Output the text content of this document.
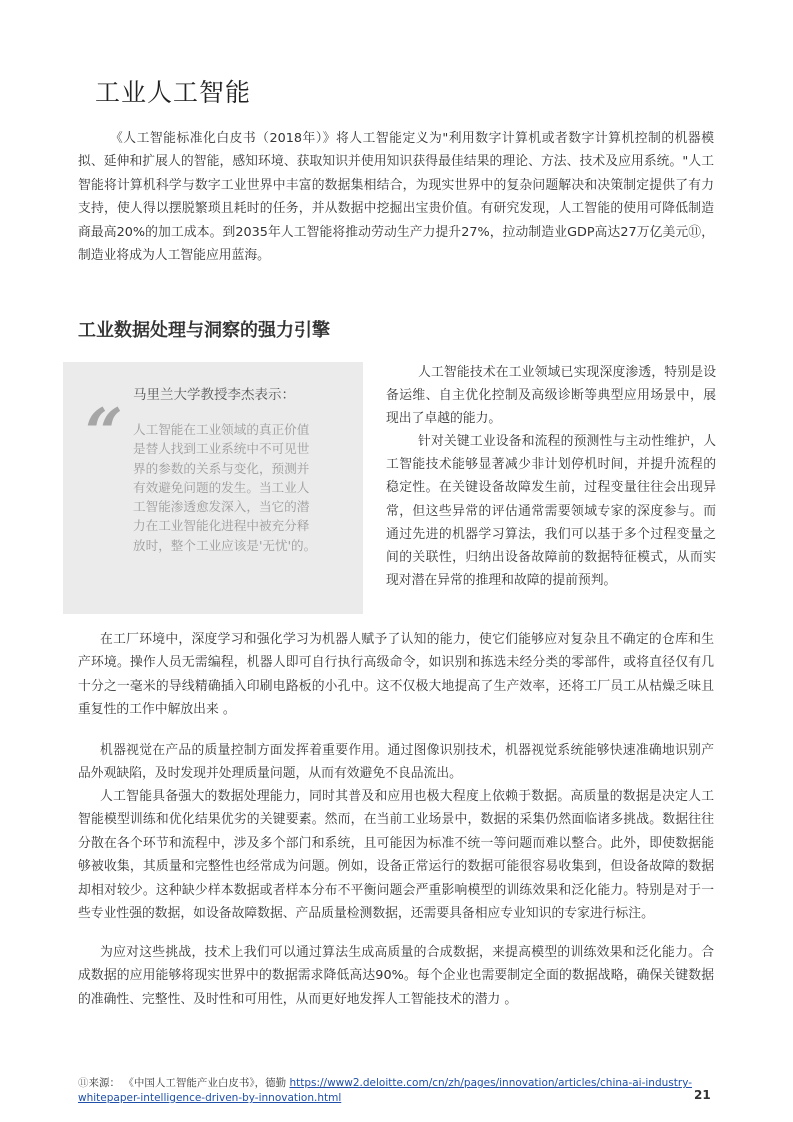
工业人工智能

《人工智能标准化白皮书（2018年）》将人工智能定义为"利用数字计算机或者数字计算机控制的机器模拟、延伸和扩展人的智能，感知环境、获取知识并使用知识获得最佳结果的理论、方法、技术及应用系统。"人工智能将计算机科学与数字工业世界中丰富的数据集相结合，为现实世界中的复杂问题解决和决策制定提供了有力支持，使人得以摆脱繁琐且耗时的任务，并从数据中挖掘出宝贵价值。有研究发现，人工智能的使用可降低制造商最高20%的加工成本。到2035年人工智能将推动劳动生产力提升27%，拉动制造业GDP高达27万亿美元⑪，制造业将成为人工智能应用蓝海。

工业数据处理与洞察的强力引擎
“ 马里兰大学教授李杰表示：

人工智能在工业领域的真正价值是替人找到工业系统中不可见世界的参数的关系与变化，预测并有效避免问题的发生。当工业人工智能渗透愈发深入，当它的潜力在工业智能化进程中被充分释放时，整个工业应该是'无忧'的。

人工智能技术在工业领域已实现深度渗透，特别是设备运维、自主优化控制及高级诊断等典型应用场景中，展现出了卓越的能力。

针对关键工业设备和流程的预测性与主动性维护，人工智能技术能够显著减少非计划停机时间，并提升流程的稳定性。在关键设备故障发生前，过程变量往往会出现异常，但这些异常的评估通常需要领域专家的深度参与。而通过先进的机器学习算法，我们可以基于多个过程变量之间的关联性，归纳出设备故障前的数据特征模式，从而实现对潜在异常的推理和故障的提前预判。

在工厂环境中，深度学习和强化学习为机器人赋予了认知的能力，使它们能够应对复杂且不确定的仓库和生产环境。操作人员无需编程，机器人即可自行执行高级命令，如识别和拣选未经分类的零部件，或将直径仅有几十分之一毫米的导线精确插入印刷电路板的小孔中。这不仅极大地提高了生产效率，还将工厂员工从枯燥乏味且重复性的工作中解放出来 。

机器视觉在产品的质量控制方面发挥着重要作用。通过图像识别技术，机器视觉系统能够快速准确地识别产品外观缺陷，及时发现并处理质量问题，从而有效避免不良品流出。

人工智能具备强大的数据处理能力，同时其普及和应用也极大程度上依赖于数据。高质量的数据是决定人工智能模型训练和优化结果优劣的关键要素。然而，在当前工业场景中，数据的采集仍然面临诸多挑战。数据往往分散在各个环节和流程中，涉及多个部门和系统，且可能因为标准不统一等问题而难以整合。此外，即使数据能够被收集，其质量和完整性也经常成为问题。例如，设备正常运行的数据可能很容易收集到，但设备故障的数据却相对较少。这种缺少样本数据或者样本分布不平衡问题会严重影响模型的训练效果和泛化能力。特别是对于一些专业性强的数据，如设备故障数据、产品质量检测数据，还需要具备相应专业知识的专家进行标注。

为应对这些挑战，技术上我们可以通过算法生成高质量的合成数据，来提高模型的训练效果和泛化能力。合成数据的应用能够将现实世界中的数据需求降低高达90%。每个企业也需要制定全面的数据战略，确保关键数据的准确性、完整性、及时性和可用性，从而更好地发挥人工智能技术的潜力 。

⑪来源： 《中国人工智能产业白皮书》，德勤 https://www2.deloitte.com/cn/zh/pages/innovation/articles/china-ai-industry-whitepaper-intelligence-driven-by-innovation.html	21
